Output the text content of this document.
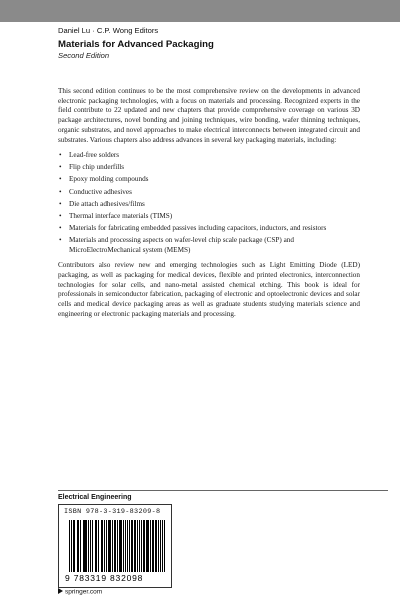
Daniel Lu · C.P. Wong Editors
Materials for Advanced Packaging
Second Edition

This second edition continues to be the most comprehensive review on the developments in advanced electronic packaging technologies, with a focus on materials and processing. Recognized experts in the field contribute to 22 updated and new chapters that provide comprehensive coverage on various 3D package architectures, novel bonding and joining techniques, wire bonding, wafer thinning techniques, organic substrates, and novel approaches to make electrical interconnects between integrated circuit and substrates. Various chapters also address advances in several key packaging materials, including:

• Lead-free solders
• Flip chip underfills
• Epoxy molding compounds
• Conductive adhesives
• Die attach adhesives/films
• Thermal interface materials (TIMS)
• Materials for fabricating embedded passives including capacitors, inductors, and resistors
• Materials and processing aspects on wafer-level chip scale package (CSP) and MicroElectroMechanical system (MEMS)

Contributors also review new and emerging technologies such as Light Emitting Diode (LED) packaging, as well as packaging for medical devices, flexible and printed electronics, interconnection technologies for solar cells, and nano-metal assisted chemical etching. This book is ideal for professionals in semiconductor fabrication, packaging of electronic and optoelectronic devices and solar cells and medical device packaging areas as well as graduate students studying materials science and engineering or electronic packaging materials and processing.

Electrical Engineering
ISBN 978-3-319-83209-8
9 783319 832098
springer.com
